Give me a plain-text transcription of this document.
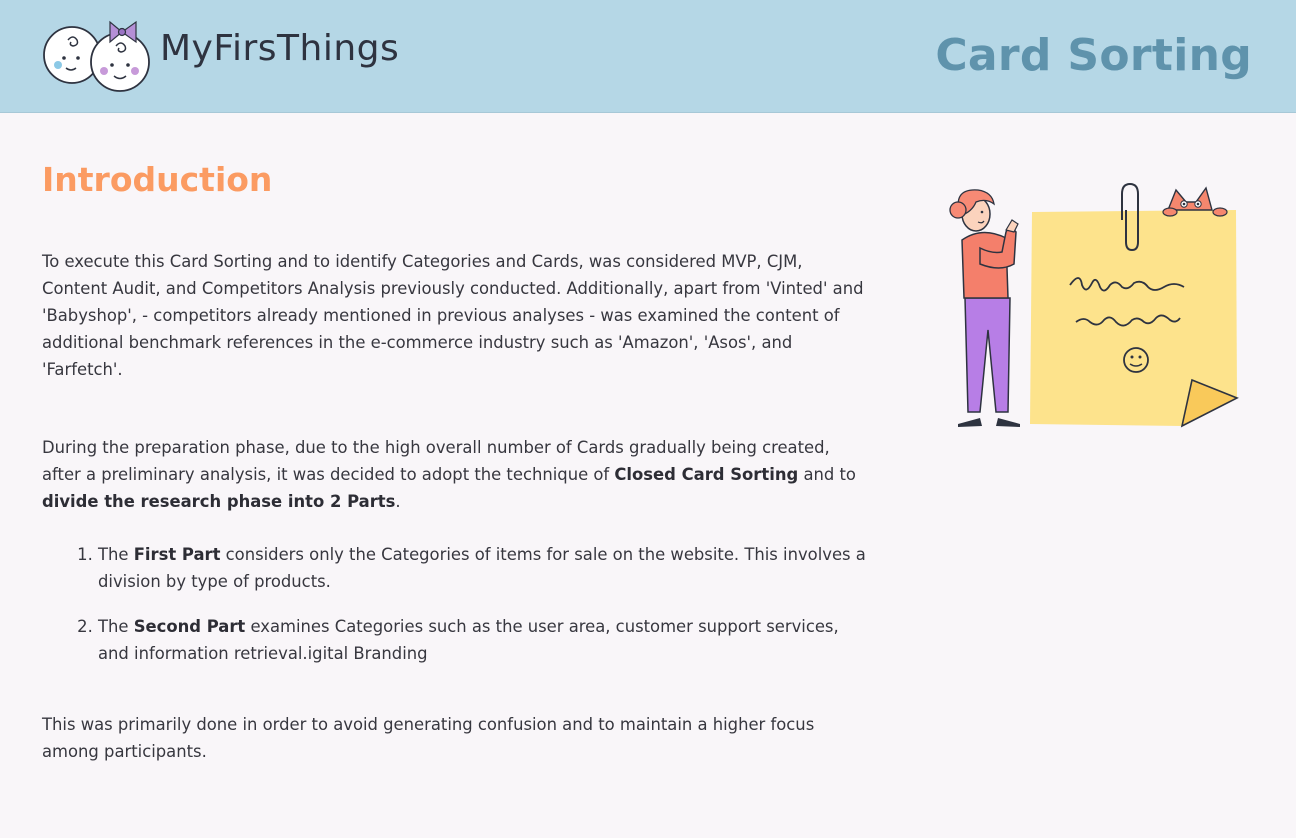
MyFirsThings	Card Sorting
Introduction

To execute this Card Sorting and to identify Categories and Cards, was considered MVP, CJM, Content Audit, and Competitors Analysis previously conducted. Additionally, apart from 'Vinted' and 'Babyshop', - competitors already mentioned in previous analyses - was examined the content of additional benchmark references in the e-commerce industry such as 'Amazon', 'Asos', and 'Farfetch'.

During the preparation phase, due to the high overall number of Cards gradually being created, after a preliminary analysis, it was decided to adopt the technique of Closed Card Sorting and to divide the research phase into 2 Parts.

1. The First Part considers only the Categories of items for sale on the website. This involves a division by type of products.
2. The Second Part examines Categories such as the user area, customer support services, and information retrieval.igital Branding

This was primarily done in order to avoid generating confusion and to maintain a higher focus among participants.
